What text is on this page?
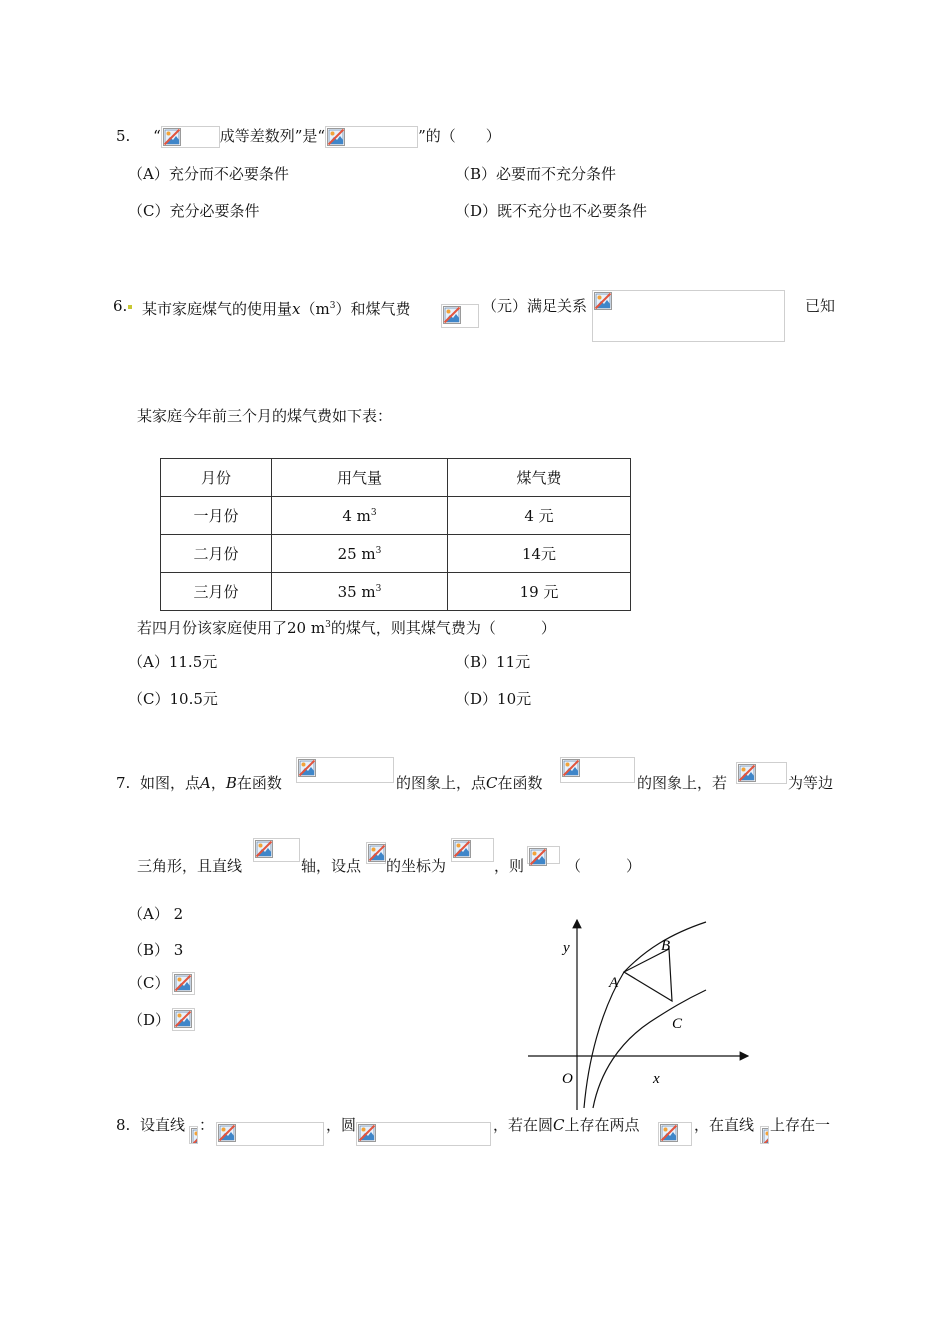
5. “	成等差数列”是“	”的（　　）
（A）充分而不必要条件	（B）必要而不充分条件
（C）充分必要条件	（D）既不充分也不必要条件
6. 某市家庭煤气的使用量$x(m^3)$和煤气费	（元）满足关系	已知
某家庭今年前三个月的煤气费如下表：
月份	用气量	煤气费
一月份	4 $m^3$	4 元
二月份	25 $m^3$	14元
三月份	35 $m^3$	19 元
若四月份该家庭使用了20 $m^3$的煤气，则其煤气费为（　　　）
（A）11.5元	（B）11元
（C）10.5元	（D）10元
7. 如图，点A，B在函数	的图象上，点C在函数	的图象上，若	为等边
三角形，且直线	轴，设点 的坐标为	，则	（　　　）
（A） 2
（B） 3
（C）
（D）
y
x
O
A
B
C
8. 设直线 ：	，圆	，若在圆C上存在两点	，在直线 上存在一
